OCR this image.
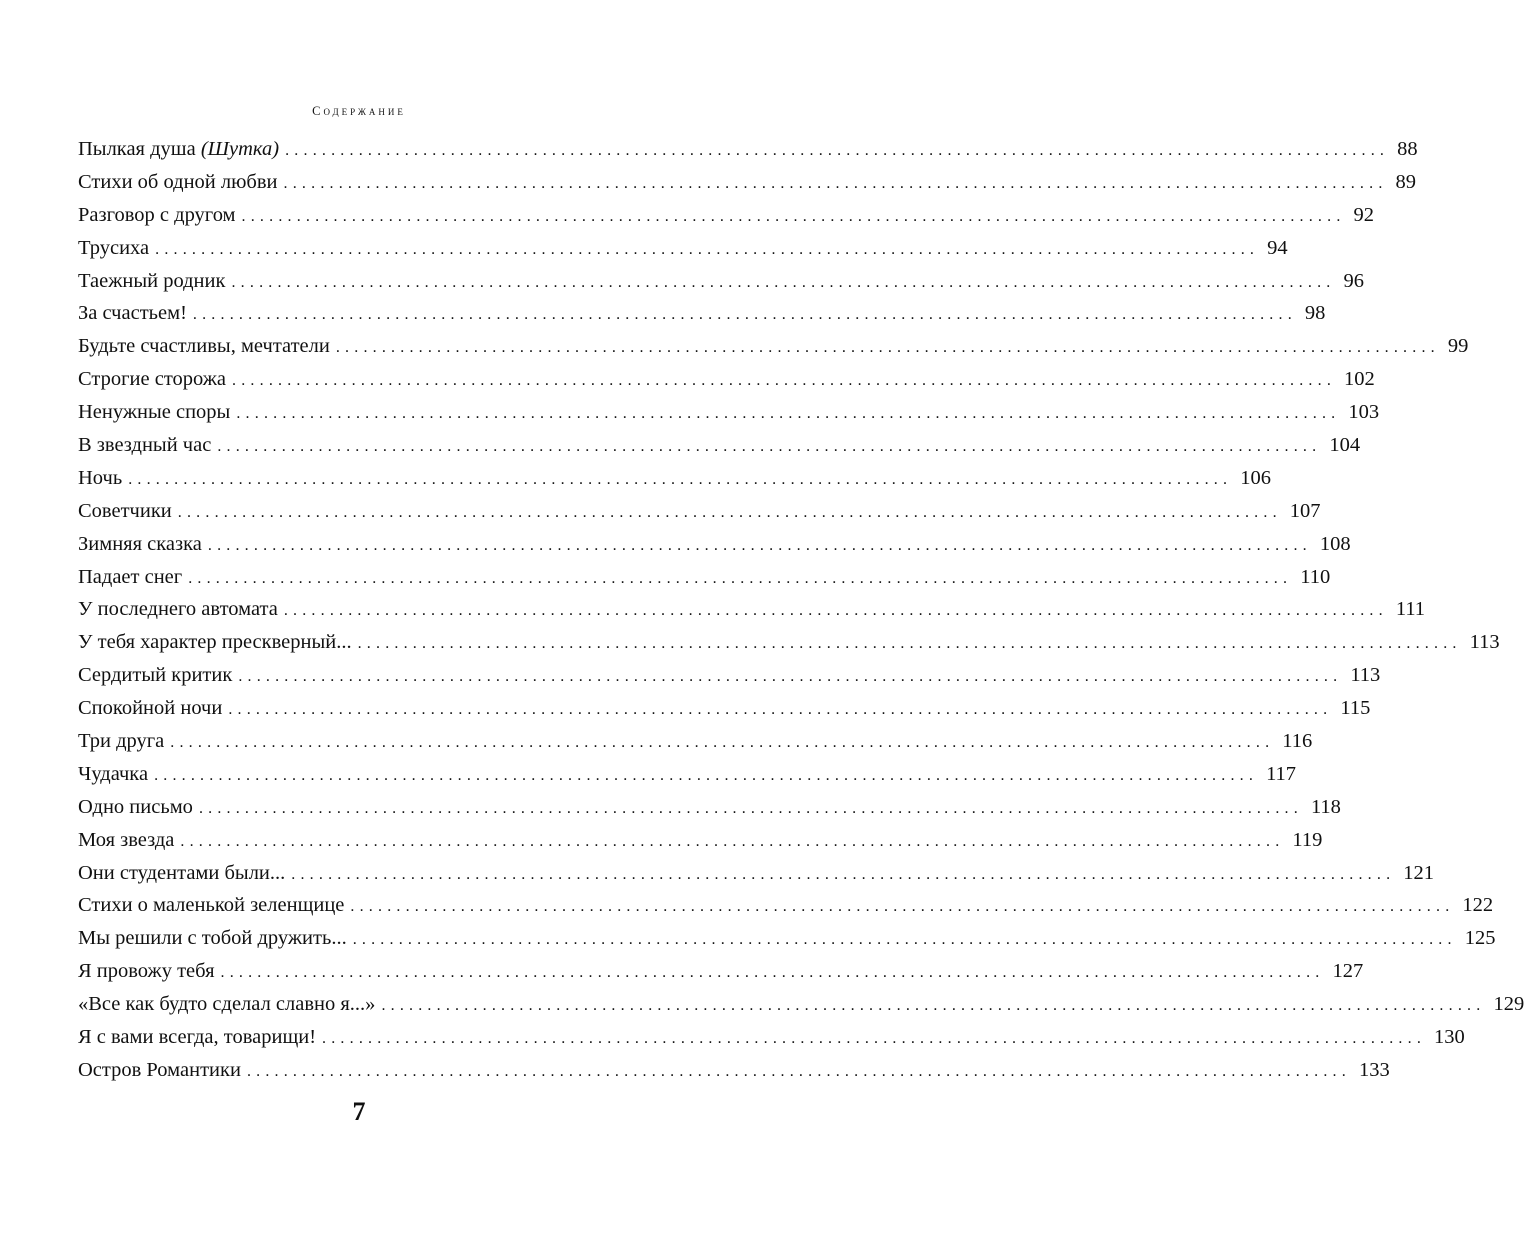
Содержание
Пылкая душа (Шутка) ........................................................................................................................ 88
Стихи об одной любви ........................................................................................................................ 89
Разговор с другом ........................................................................................................................ 92
Трусиха ........................................................................................................................ 94
Таежный родник ........................................................................................................................ 96
За счастьем! ........................................................................................................................ 98
Будьте счастливы, мечтатели ........................................................................................................................ 99
Строгие сторожа ........................................................................................................................ 102
Ненужные споры ........................................................................................................................ 103
В звездный час ........................................................................................................................ 104
Ночь ........................................................................................................................ 106
Советчики ........................................................................................................................ 107
Зимняя сказка ........................................................................................................................ 108
Падает снег ........................................................................................................................ 110
У последнего автомата ........................................................................................................................ 111
У тебя характер прескверный... ........................................................................................................................ 113
Сердитый критик ........................................................................................................................ 113
Спокойной ночи ........................................................................................................................ 115
Три друга ........................................................................................................................ 116
Чудачка ........................................................................................................................ 117
Одно письмо ........................................................................................................................ 118
Моя звезда ........................................................................................................................ 119
Они студентами были... ........................................................................................................................ 121
Стихи о маленькой зеленщице ........................................................................................................................ 122
Мы решили с тобой дружить... ........................................................................................................................ 125
Я провожу тебя ........................................................................................................................ 127
«Все как будто сделал славно я...» ........................................................................................................................ 129
Я с вами всегда, товарищи! ........................................................................................................................ 130
Остров Романтики ........................................................................................................................ 133
7
